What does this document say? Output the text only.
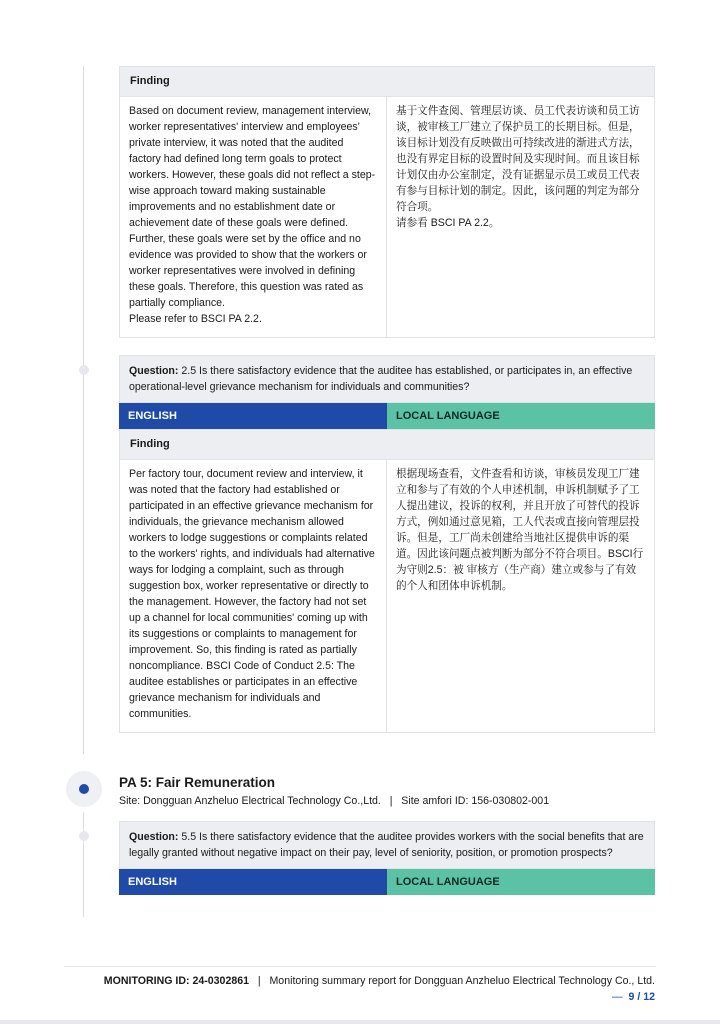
Finding
Based on document review, management interview, worker representatives' interview and employees' private interview, it was noted that the audited factory had defined long term goals to protect workers. However, these goals did not reflect a step-wise approach toward making sustainable improvements and no establishment date or achievement date of these goals were defined. Further, these goals were set by the office and no evidence was provided to show that the workers or worker representatives were involved in defining these goals. Therefore, this question was rated as partially compliance.
Please refer to BSCI PA 2.2.
基于文件查阅、管理层访谈、员工代表访谈和员工访谈，被审核工厂建立了保护员工的长期目标。但是，该目标计划没有反映做出可持续改进的渐进式方法，也没有界定目标的设置时间及实现时间。而且该目标计划仅由办公室制定，没有证据显示员工或员工代表有参与目标计划的制定。因此，该问题的判定为部分符合项。
请参看 BSCI PA 2.2。
Question: 2.5 Is there satisfactory evidence that the auditee has established, or participates in, an effective operational-level grievance mechanism for individuals and communities?
ENGLISH	LOCAL LANGUAGE
Finding
Per factory tour, document review and interview, it was noted that the factory had established or participated in an effective grievance mechanism for individuals, the grievance mechanism allowed workers to lodge suggestions or complaints related to the workers' rights, and individuals had alternative ways for lodging a complaint, such as through suggestion box, worker representative or directly to the management. However, the factory had not set up a channel for local communities' coming up with its suggestions or complaints to management for improvement. So, this finding is rated as partially noncompliance. BSCI Code of Conduct 2.5: The auditee establishes or participates in an effective grievance mechanism for individuals and communities.
根据现场查看，文件查看和访谈，审核员发现工厂建立和参与了有效的个人申述机制，申诉机制赋予了工人提出建议，投诉的权利，并且开放了可替代的投诉方式，例如通过意见箱，工人代表或直接向管理层投诉。但是，工厂尚未创建给当地社区提供申诉的渠道。因此该问题点被判断为部分不符合项目。BSCI行为守则2.5：被 审核方（生产商）建立或参与了有效的个人和团体申诉机制。
PA 5: Fair Remuneration
Site: Dongguan Anzheluo Electrical Technology Co.,Ltd.   |   Site amfori ID: 156-030802-001
Question: 5.5 Is there satisfactory evidence that the auditee provides workers with the social benefits that are legally granted without negative impact on their pay, level of seniority, position, or promotion prospects?
ENGLISH	LOCAL LANGUAGE
MONITORING ID: 24-0302861 | Monitoring summary report for Dongguan Anzheluo Electrical Technology Co., Ltd.
— 9 / 12
